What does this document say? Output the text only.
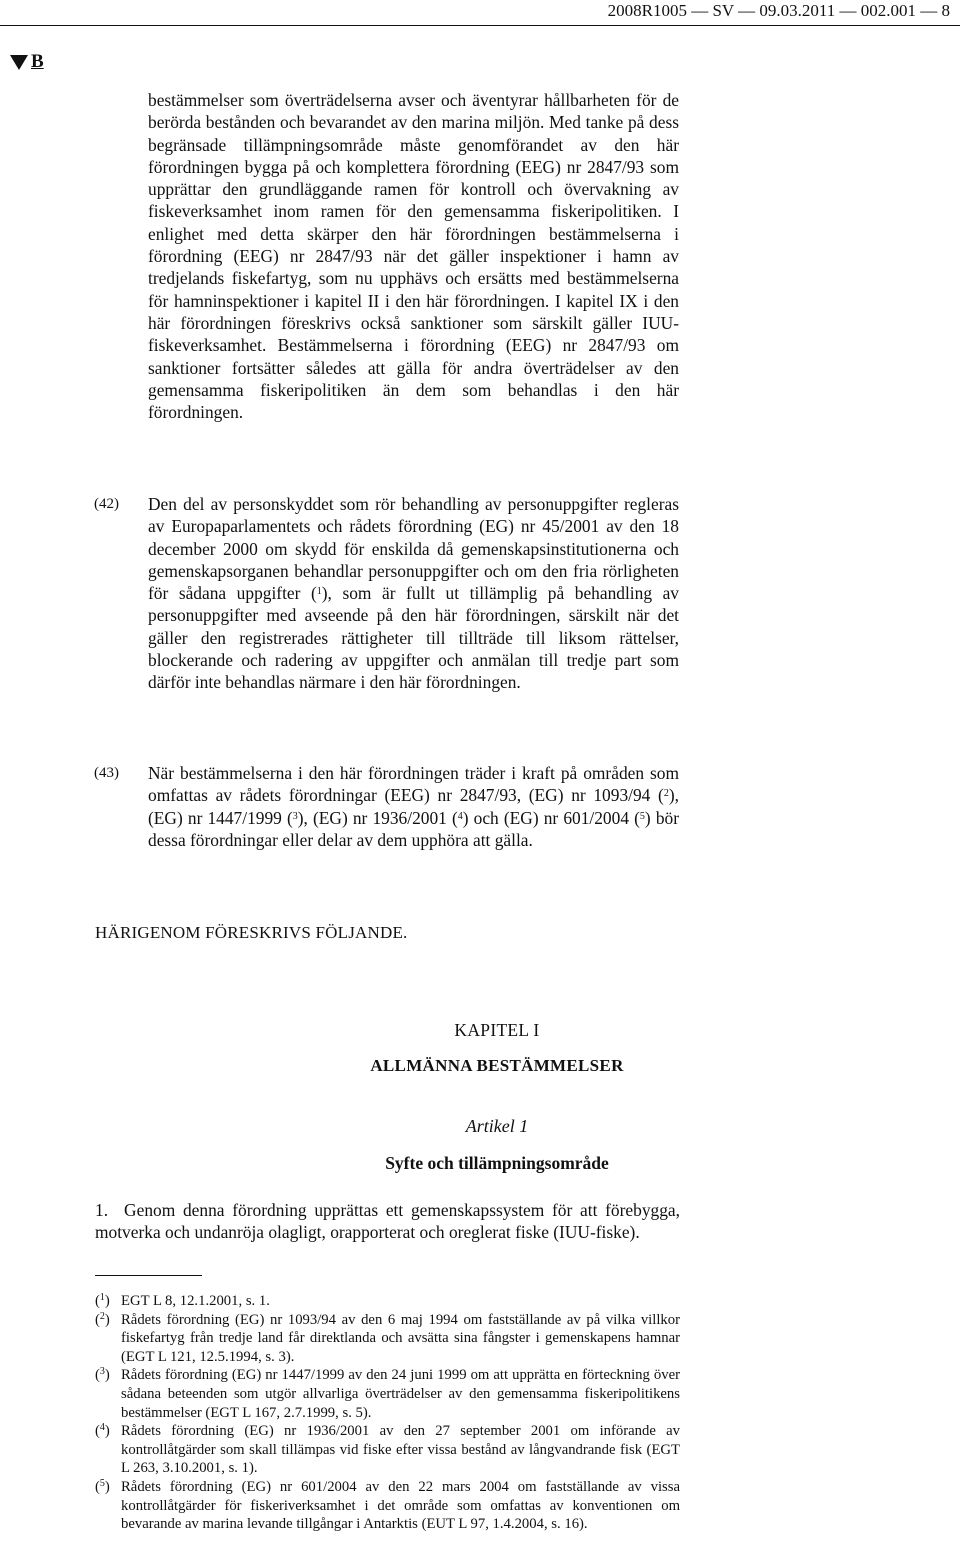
2008R1005 — SV — 09.03.2011 — 002.001 — 8
B
bestämmelser som överträdelserna avser och äventyrar hållbarheten för de berörda bestånden och bevarandet av den marina miljön. Med tanke på dess begränsade tillämpningsområde måste genomförandet av den här förordningen bygga på och komplettera förordning (EEG) nr 2847/93 som upprättar den grundläggande ramen för kontroll och övervakning av fiskeverksamhet inom ramen för den gemensamma fiskeripolitiken. I enlighet med detta skärper den här förordningen bestämmelserna i förordning (EEG) nr 2847/93 när det gäller inspektioner i hamn av tredjelands fiskefartyg, som nu upphävs och ersätts med bestämmelserna för hamninspektioner i kapitel II i den här förordningen. I kapitel IX i den här förordningen föreskrivs också sanktioner som särskilt gäller IUU-fiskeverksamhet. Bestämmelserna i förordning (EEG) nr 2847/93 om sanktioner fortsätter således att gälla för andra överträdelser av den gemensamma fiskeripolitiken än dem som behandlas i den här förordningen.
(42) Den del av personskyddet som rör behandling av personuppgifter regleras av Europaparlamentets och rådets förordning (EG) nr 45/2001 av den 18 december 2000 om skydd för enskilda då gemenskapsinstitutionerna och gemenskapsorganen behandlar personuppgifter och om den fria rörligheten för sådana uppgifter ($^1$), som är fullt ut tillämplig på behandling av personuppgifter med avseende på den här förordningen, särskilt när det gäller den registrerades rättigheter till tillträde till liksom rättelser, blockerande och radering av uppgifter och anmälan till tredje part som därför inte behandlas närmare i den här förordningen.
(43) När bestämmelserna i den här förordningen träder i kraft på områden som omfattas av rådets förordningar (EEG) nr 2847/93, (EG) nr 1093/94 ($^2$), (EG) nr 1447/1999 ($^3$), (EG) nr 1936/2001 ($^4$) och (EG) nr 601/2004 ($^5$) bör dessa förordningar eller delar av dem upphöra att gälla.
HÄRIGENOM FÖRESKRIVS FÖLJANDE.
KAPITEL I
ALLMÄNNA BESTÄMMELSER
Artikel 1
Syfte och tillämpningsområde
1. Genom denna förordning upprättas ett gemenskapssystem för att förebygga, motverka och undanröja olagligt, orapporterat och oreglerat fiske (IUU-fiske).
($^1$) EGT L 8, 12.1.2001, s. 1.
($^2$) Rådets förordning (EG) nr 1093/94 av den 6 maj 1994 om fastställande av på vilka villkor fiskefartyg från tredje land får direktlanda och avsätta sina fångster i gemenskapens hamnar (EGT L 121, 12.5.1994, s. 3).
($^3$) Rådets förordning (EG) nr 1447/1999 av den 24 juni 1999 om att upprätta en förteckning över sådana beteenden som utgör allvarliga överträdelser av den gemensamma fiskeripolitikens bestämmelser (EGT L 167, 2.7.1999, s. 5).
($^4$) Rådets förordning (EG) nr 1936/2001 av den 27 september 2001 om införande av kontrollåtgärder som skall tillämpas vid fiske efter vissa bestånd av långvandrande fisk (EGT L 263, 3.10.2001, s. 1).
($^5$) Rådets förordning (EG) nr 601/2004 av den 22 mars 2004 om fastställande av vissa kontrollåtgärder för fiskeriverksamhet i det område som omfattas av konventionen om bevarande av marina levande tillgångar i Antarktis (EUT L 97, 1.4.2004, s. 16).
